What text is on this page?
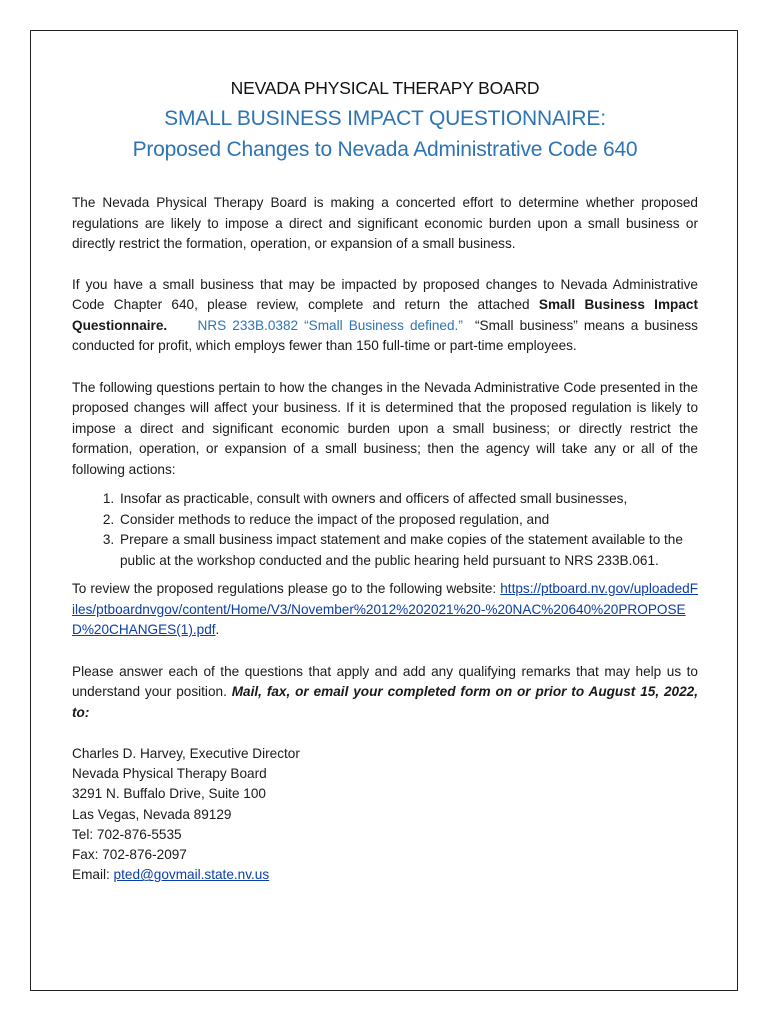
NEVADA PHYSICAL THERAPY BOARD

SMALL BUSINESS IMPACT QUESTIONNAIRE:

Proposed Changes to Nevada Administrative Code 640

The Nevada Physical Therapy Board is making a concerted effort to determine whether proposed regulations are likely to impose a direct and significant economic burden upon a small business or directly restrict the formation, operation, or expansion of a small business.

If you have a small business that may be impacted by proposed changes to Nevada Administrative Code Chapter 640, please review, complete and return the attached Small Business Impact Questionnaire. NRS 233B.0382 “Small Business defined.” “Small business” means a business conducted for profit, which employs fewer than 150 full-time or part-time employees.

The following questions pertain to how the changes in the Nevada Administrative Code presented in the proposed changes will affect your business. If it is determined that the proposed regulation is likely to impose a direct and significant economic burden upon a small business; or directly restrict the formation, operation, or expansion of a small business; then the agency will take any or all of the following actions:

1. Insofar as practicable, consult with owners and officers of affected small businesses,
2. Consider methods to reduce the impact of the proposed regulation, and
3. Prepare a small business impact statement and make copies of the statement available to the public at the workshop conducted and the public hearing held pursuant to NRS 233B.061.

To review the proposed regulations please go to the following website: https://ptboard.nv.gov/uploadedFiles/ptboardnvgov/content/Home/V3/November%2012%202021%20-%20NAC%20640%20PROPOSED%20CHANGES(1).pdf.

Please answer each of the questions that apply and add any qualifying remarks that may help us to understand your position. Mail, fax, or email your completed form on or prior to August 15, 2022, to:

Charles D. Harvey, Executive Director
Nevada Physical Therapy Board
3291 N. Buffalo Drive, Suite 100
Las Vegas, Nevada 89129
Tel: 702-876-5535
Fax: 702-876-2097
Email: pted@govmail.state.nv.us
